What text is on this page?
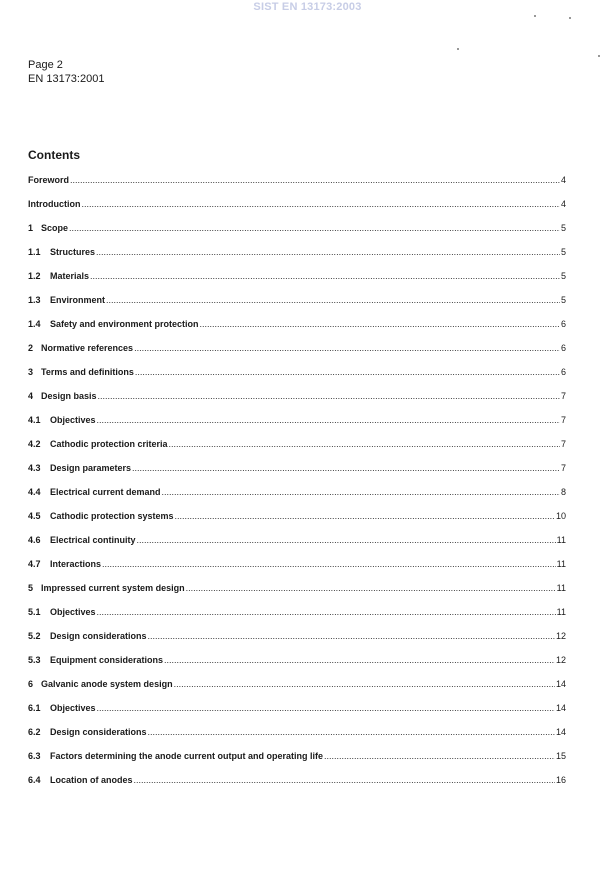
SIST EN 13173:2003
Page 2
EN 13173:2001
Contents
Foreword .....	4
Introduction .....	4
1 Scope .....	5
1.1 Structures .....	5
1.2 Materials .....	5
1.3 Environment .....	5
1.4 Safety and environment protection .....	6
2 Normative references .....	6
3 Terms and definitions .....	6
4 Design basis .....	7
4.1 Objectives .....	7
4.2 Cathodic protection criteria .....	7
4.3 Design parameters .....	7
4.4 Electrical current demand .....	8
4.5 Cathodic protection systems .....	10
4.6 Electrical continuity .....	11
4.7 Interactions .....	11
5 Impressed current system design .....	11
5.1 Objectives .....	11
5.2 Design considerations .....	12
5.3 Equipment considerations .....	12
6 Galvanic anode system design .....	14
6.1 Objectives .....	14
6.2 Design considerations .....	14
6.3 Factors determining the anode current output and operating life .....	15
6.4 Location of anodes .....	16
